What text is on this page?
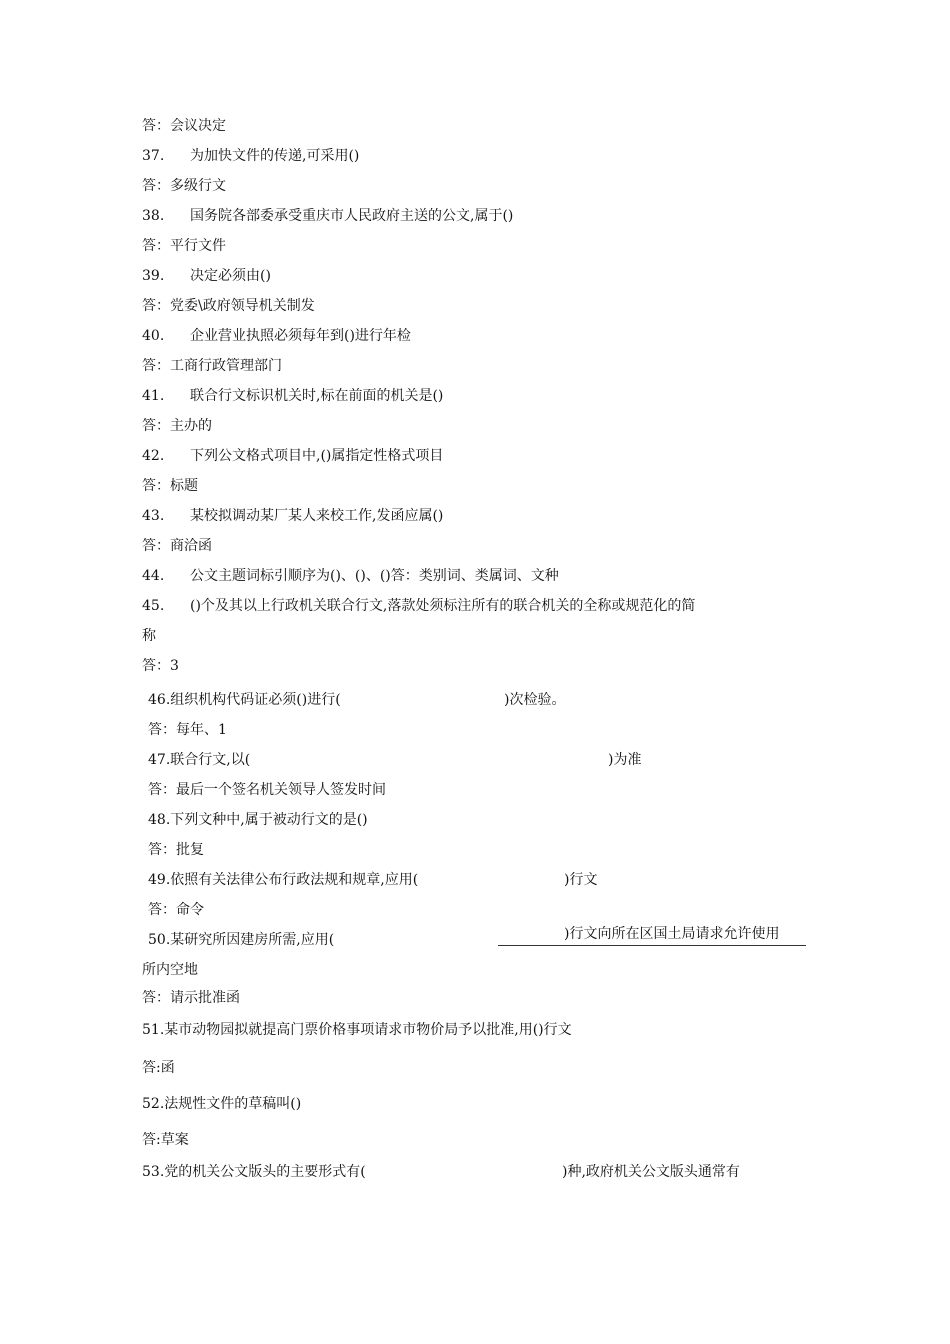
答：会议决定
37. 为加快文件的传递,可采用()
答：多级行文
38. 国务院各部委承受重庆市人民政府主送的公文,属于()
答：平行文件
39. 决定必须由()
答：党委\政府领导机关制发
40. 企业营业执照必须每年到()进行年检
答：工商行政管理部门
41. 联合行文标识机关时,标在前面的机关是()
答：主办的
42. 下列公文格式项目中,()属指定性格式项目
答：标题
43. 某校拟调动某厂某人来校工作,发函应属()
答：商洽函
44. 公文主题词标引顺序为()、()、()答：类别词、类属词、文种
45. ()个及其以上行政机关联合行文,落款处须标注所有的联合机关的全称或规范化的简
称
答：3
46.组织机构代码证必须()进行(	)次检验。
答：每年、1
47.联合行文,以(	)为准
答：最后一个签名机关领导人签发时间
48.下列文种中,属于被动行文的是()
答：批复
49.依照有关法律公布行政法规和规章,应用(	)行文
答：命令
50.某研究所因建房所需,应用(	)行文向所在区国土局请求允许使用
所内空地
答：请示批准函
51.某市动物园拟就提高门票价格事项请求市物价局予以批准,用()行文
答:函
52.法规性文件的草稿叫()
答:草案
53.党的机关公文版头的主要形式有(	)种,政府机关公文版头通常有
